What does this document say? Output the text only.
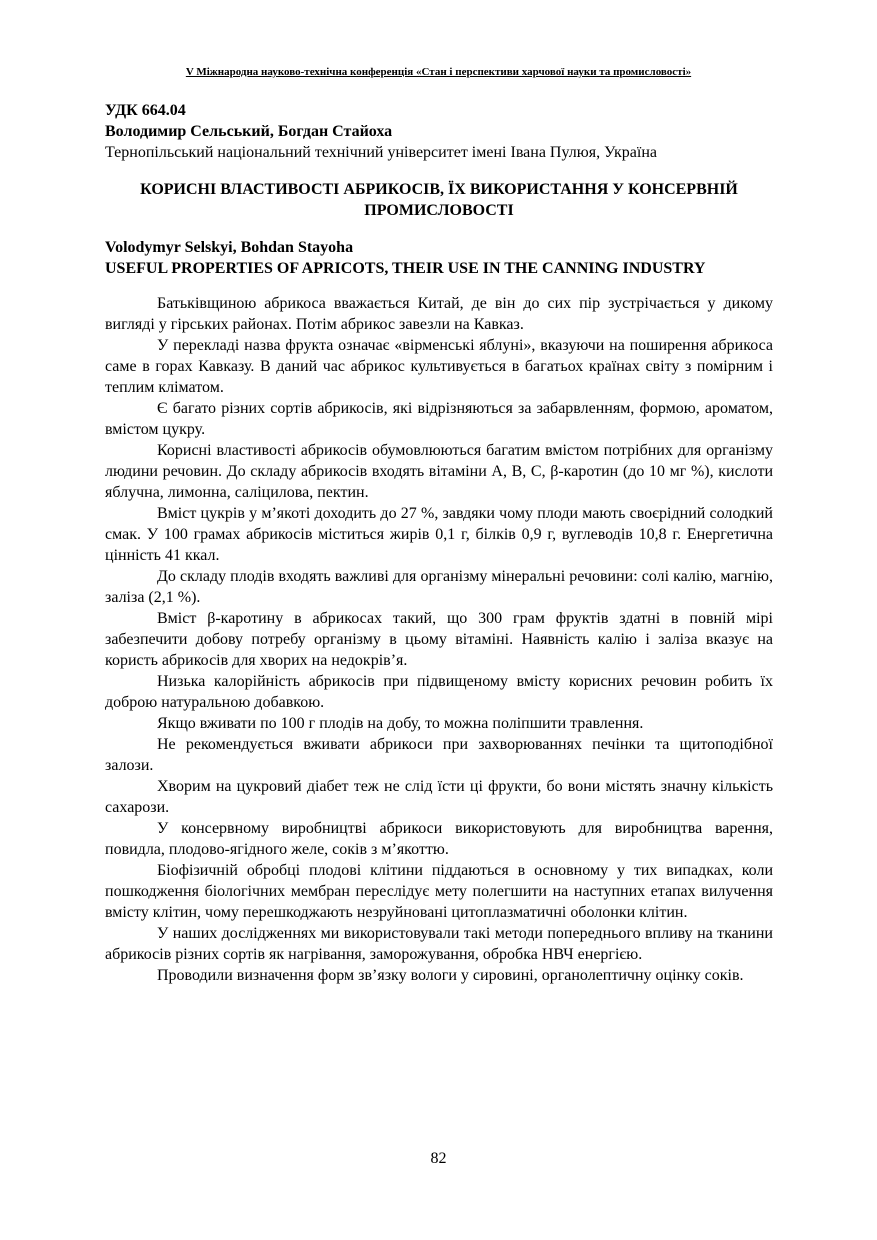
V Міжнародна науково-технічна конференція «Стан і перспективи харчової науки та промисловості»
УДК 664.04
Володимир Сельський, Богдан Стайоха
Тернопільський національний технічний університет імені Івана Пулюя, Україна
КОРИСНІ ВЛАСТИВОСТІ АБРИКОСІВ, ЇХ ВИКОРИСТАННЯ У КОНСЕРВНІЙ ПРОМИСЛОВОСТІ
Volodymyr Selskyi, Bohdan Stayoha
USEFUL PROPERTIES OF APRICOTS, THEIR USE IN THE CANNING INDUSTRY

Батьківщиною абрикоса вважається Китай, де він до сих пір зустрічається у дикому вигляді у гірських районах. Потім абрикос завезли на Кавказ.

У перекладі назва фрукта означає «вірменські яблуні», вказуючи на поширення абрикоса саме в горах Кавказу. В даний час абрикос культивується в багатьох країнах світу з помірним і теплим кліматом.

Є багато різних сортів абрикосів, які відрізняються за забарвленням, формою, ароматом, вмістом цукру.

Корисні властивості абрикосів обумовлюються багатим вмістом потрібних для організму людини речовин. До складу абрикосів входять вітаміни A, B, C, β-каротин (до 10 мг %), кислоти яблучна, лимонна, саліцилова, пектин.

Вміст цукрів у м’якоті доходить до 27 %, завдяки чому плоди мають своєрідний солодкий смак. У 100 грамах абрикосів міститься жирів 0,1 г, білків 0,9 г, вуглеводів 10,8 г. Енергетична цінність 41 ккал.

До складу плодів входять важливі для організму мінеральні речовини: солі калію, магнію, заліза (2,1 %).

Вміст β-каротину в абрикосах такий, що 300 грам фруктів здатні в повній мірі забезпечити добову потребу організму в цьому вітаміні. Наявність калію і заліза вказує на користь абрикосів для хворих на недокрів’я.

Низька калорійність абрикосів при підвищеному вмісту корисних речовин робить їх доброю натуральною добавкою.

Якщо вживати по 100 г плодів на добу, то можна поліпшити травлення.

Не рекомендується вживати абрикоси при захворюваннях печінки та щитоподібної залози.

Хворим на цукровий діабет теж не слід їсти ці фрукти, бо вони містять значну кількість сахарози.

У консервному виробництві абрикоси використовують для виробництва варення, повидла, плодово-ягідного желе, соків з м’якоттю.

Біофізичній обробці плодові клітини піддаються в основному у тих випадках, коли пошкодження біологічних мембран переслідує мету полегшити на наступних етапах вилучення вмісту клітин, чому перешкоджають незруйновані цитоплазматичні оболонки клітин.

У наших дослідженнях ми використовували такі методи попереднього впливу на тканини абрикосів різних сортів як нагрівання, заморожування, обробка НВЧ енергією.

Проводили визначення форм зв’язку вологи у сировині, органолептичну оцінку соків.

82
